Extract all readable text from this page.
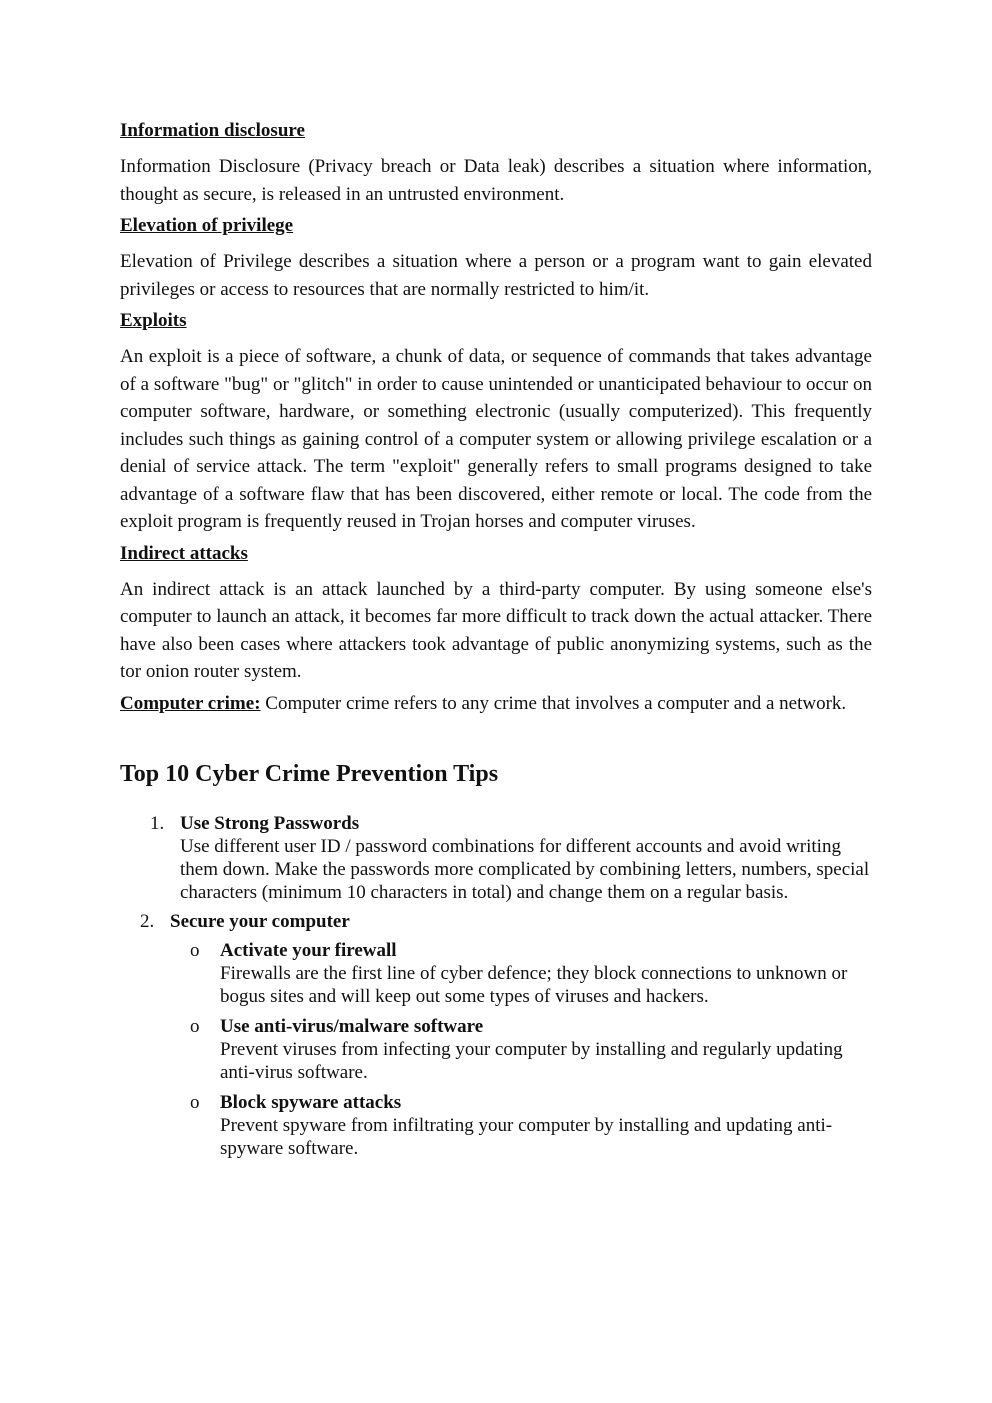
Information disclosure

Information Disclosure (Privacy breach or Data leak) describes a situation where information, thought as secure, is released in an untrusted environment.

Elevation of privilege

Elevation of Privilege describes a situation where a person or a program want to gain elevated privileges or access to resources that are normally restricted to him/it.

Exploits

An exploit is a piece of software, a chunk of data, or sequence of commands that takes advantage of a software "bug" or "glitch" in order to cause unintended or unanticipated behaviour to occur on computer software, hardware, or something electronic (usually computerized). This frequently includes such things as gaining control of a computer system or allowing privilege escalation or a denial of service attack. The term "exploit" generally refers to small programs designed to take advantage of a software flaw that has been discovered, either remote or local. The code from the exploit program is frequently reused in Trojan horses and computer viruses.

Indirect attacks

An indirect attack is an attack launched by a third-party computer. By using someone else's computer to launch an attack, it becomes far more difficult to track down the actual attacker. There have also been cases where attackers took advantage of public anonymizing systems, such as the tor onion router system.

Computer crime: Computer crime refers to any crime that involves a computer and a network.

Top 10 Cyber Crime Prevention Tips
1. Use Strong Passwords
Use different user ID / password combinations for different accounts and avoid writing them down. Make the passwords more complicated by combining letters, numbers, special characters (minimum 10 characters in total) and change them on a regular basis.
2. Secure your computer
o Activate your firewall
Firewalls are the first line of cyber defence; they block connections to unknown or bogus sites and will keep out some types of viruses and hackers.
o Use anti-virus/malware software
Prevent viruses from infecting your computer by installing and regularly updating anti-virus software.
o Block spyware attacks
Prevent spyware from infiltrating your computer by installing and updating anti-spyware software.
